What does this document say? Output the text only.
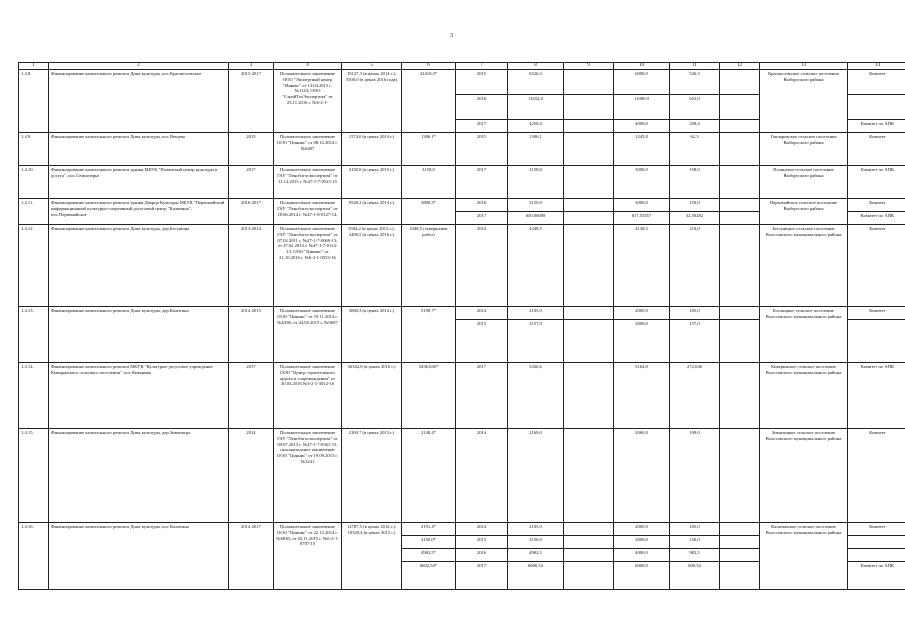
3
1	2	3	4	5	6	7	8	9	10	11	12	13	14
1.4.8.	Финансирование капитального ремонта Дома культуры, пос.Красносельское	2015-2017	Положительное заключение ООО "Экспертный центр "Инвекс" от 13.04.2015 г. №1143; ООО "СтройТехЭкспертиза" от 23.11.2016 г. №6-2-1-	19137,3 (в ценах 2014 г.); 5500,0 (в ценах 2016 года)	22410,3*	2015	6526,3		6000,0	526,3		Красносельское сельское поселение Выборгского района	Комитет
						2016	11652,0		11000,0	652,0			
						2017	4258,4		4000,0	258,4			Комитет по АПК
1.4.9.	Финансирование капитального ремонта Дома культуры, пос Вещево	2015	Положительное заключение ООО "Циннис" от 08.12.2014 г. №6487	1574,0 (в ценах 2014 г.)	1306,1*	2015	1306,1		1243,8	62,3		Гончаровское сельское поселение Выборгского района	Комитет
1.4.10.	Финансирование капитального ремонта здания МБУК "Полянский центр культуры и досуга", пос.Семиозерье	2017	Положительное заключение ГАУ "Леноблгосэкспертиза" от 11.12.2015 г. №47-1-7-0525-15	3158,0 (в ценах 2015 г.)	3158,0	2017	3158,0		3000,0	158,0		Полянское сельское поселение Выборгского района	Комитет по АПК
1.4.11.	Финансирование капитального ремонта здания Дворца Культуры МБУК "Первомайский информационный культурно-спортивный досуговый центр "Калинина", пос.Первомайское	2016-2017	Положительное заключение ГАУ "Леноблгосэкспертиза" от 18.06.2014 г. №47-1-8-0127-14;	9528,2 (в ценах 2014 г.)	3800,3*	2016	3150,0		3000,0	150,0		Первомайское сельское поселение Выборгского района	Комитет
						2017	650,06089		617,55357	32,50282			Комитет по АПК
1.4.12.	Финансирование капитального ремонта Дома культуры, дер.Бегуницы	2013-2014	Положительное заключение ГАУ "Леноблгосэкспертиза" от 07.02.2011 г. №47-1-7-0060-13; от 27.02.2013 г. №47-1-7-0114-13; ООО "Циннис" от 21.10.2016 г. №6-2-1-0553-16	3584,2 (в ценах 2012 г.); 3490,5 (в ценах 2016 г.)	4348,5 (завершение работ)	2014	4348,5		4138,5	210,0		Бегуницкое сельское поселение Волосовского муниципального района	Комитет
1.4.13.	Финансирование капитального ремонта Дома культуры, дер.Калитино	2014-2015	Положительное заключение ООО "Циннис" от 19.11.2014 г. №6396; от 24.02.2015 г. №0697	3060,3 (в ценах 2014 г.)	5190,7*	2014	2105,0		2000,0	105,0		Клопицкое сельское поселение Волосовского муниципального района	Комитет
						2015	3157,0		3000,0	157,0			
1.4.14.	Финансирование капитального ремонта МКУК "Культурно-досуговое учреждение Кикеринского сельского поселения", пос.Кикерино	2017	Положительное заключение ООО "Центр строительного аудита и сопровождения" от 30.03.2016 №3-2-1-3012-16	56342,8 (в ценах 2016 г.)	5436,636*	2017	5436,6		5164,0	272,636		Кикеринское сельское поселение Волосовского муниципального района	Комитет по АПК
1.4.15.	Финансирование капитального ремонта Дома культуры, дер.Зимитицы	2014	Положительное заключение ГАУ "Леноблгосэкспертиза" от 09.07.2013 г. №47-1-7-0361-13; положительное заключение ООО "Циннис" от 19.09.2013 г. №3241	2169,7 (в ценах 2013 г.)	2148,4*	2014	2169,0		2060,0	109,0		Зимитицкое сельское поселение Волосовского муниципального района	Комитет
1.4.16.	Финансирование капитального ремонта Дома культуры, пос Калитино	2014-2017	Положительное заключение ООО "Циннис" от 22.12.2014 г. №6830; от 02.11.2015 г. №6-2-1-0787-15	12787,5 (в ценах 2014 г.); 10320,4 (в ценах 2015 г.)	2191,4*	2014	2105,0		2000,0	105,0		Калитинское сельское поселение Волосовского муниципального района	Комитет
					3150,0*	2015	3150,0		3000,0	150,0			
					4982,5*	2016	4982,5		4000,0	982,5			
					6602,54*	2017	6600,54		6000,0	600,54			Комитет по АПК
